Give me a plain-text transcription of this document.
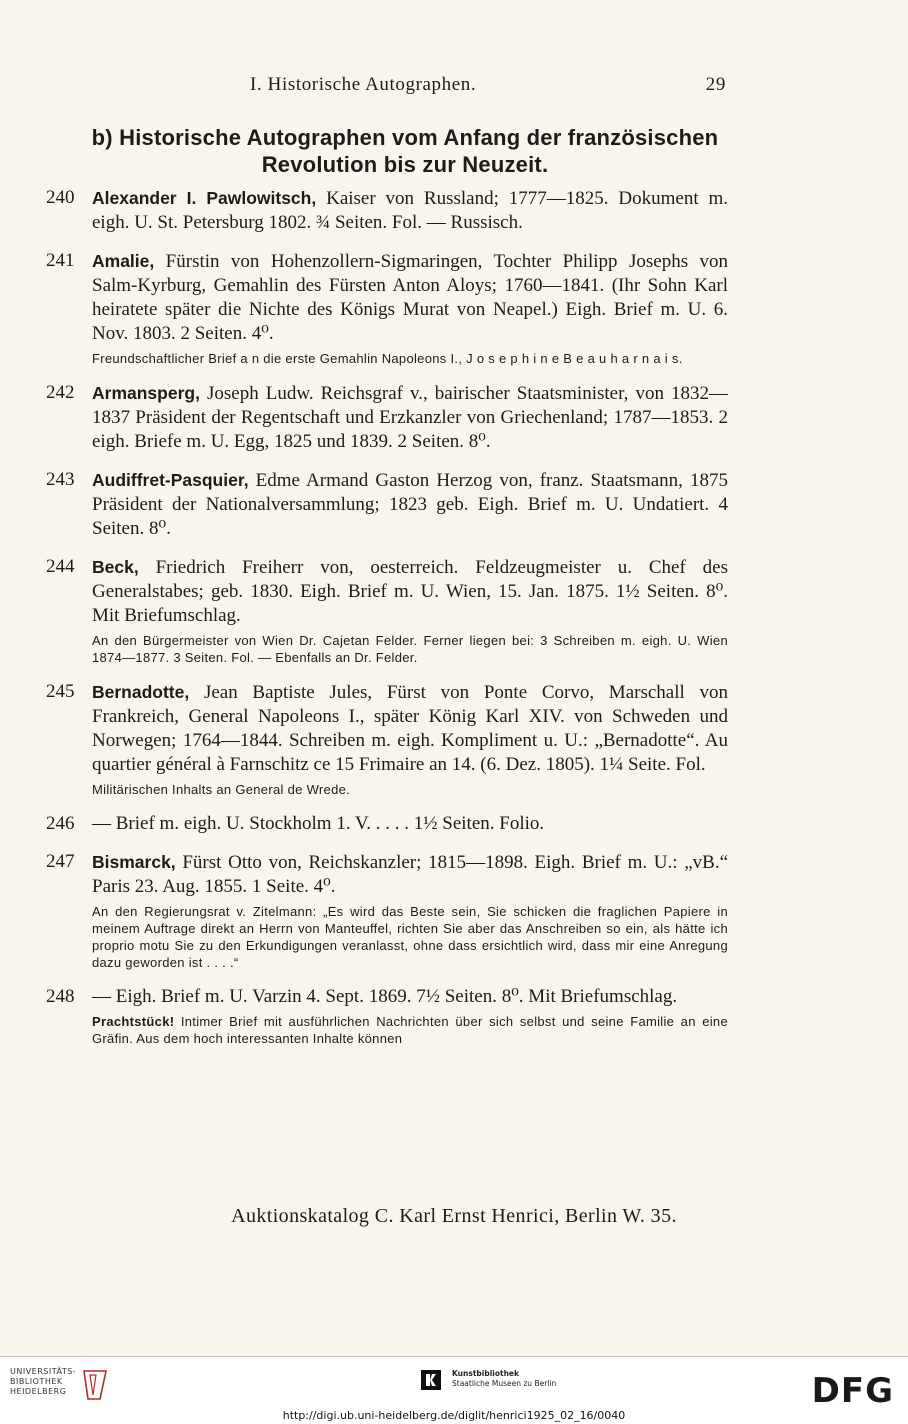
I. Historische Autographen.	29
b) Historische Autographen vom Anfang der französischen
Revolution bis zur Neuzeit.
240	Alexander I. Pawlowitsch, Kaiser von Russland; 1777—1825. Dokument m. eigh. U. St. Petersburg 1802. ¾ Seiten. Fol. — Russisch.
241	Amalie, Fürstin von Hohenzollern-Sigmaringen, Tochter Philipp Josephs von Salm-Kyrburg, Gemahlin des Fürsten Anton Aloys; 1760—1841. (Ihr Sohn Karl heiratete später die Nichte des Königs Murat von Neapel.) Eigh. Brief m. U. 6. Nov. 1803. 2 Seiten. 4⁰.
Freundschaftlicher Brief a n die erste Gemahlin Napoleons I., J o s e p h i n e B e a u h a r n a i s.
242	Armansperg, Joseph Ludw. Reichsgraf v., bairischer Staatsminister, von 1832—1837 Präsident der Regentschaft und Erzkanzler von Griechenland; 1787—1853. 2 eigh. Briefe m. U. Egg, 1825 und 1839. 2 Seiten. 8⁰.
243	Audiffret-Pasquier, Edme Armand Gaston Herzog von, franz. Staatsmann, 1875 Präsident der Nationalversammlung; 1823 geb. Eigh. Brief m. U. Undatiert. 4 Seiten. 8⁰.
244	Beck, Friedrich Freiherr von, oesterreich. Feldzeugmeister u. Chef des Generalstabes; geb. 1830. Eigh. Brief m. U. Wien, 15. Jan. 1875. 1½ Seiten. 8⁰. Mit Briefumschlag.
An den Bürgermeister von Wien Dr. Cajetan Felder. Ferner liegen bei: 3 Schreiben m. eigh. U. Wien 1874—1877. 3 Seiten. Fol. — Ebenfalls an Dr. Felder.
245	Bernadotte, Jean Baptiste Jules, Fürst von Ponte Corvo, Marschall von Frankreich, General Napoleons I., später König Karl XIV. von Schweden und Norwegen; 1764—1844. Schreiben m. eigh. Kompliment u. U.: „Bernadotte“. Au quartier général à Farnschitz ce 15 Frimaire an 14. (6. Dez. 1805). 1¼ Seite. Fol.
Militärischen Inhalts an General de Wrede.
246 — Brief m. eigh. U. Stockholm 1. V. . . . . 1½ Seiten. Folio.
247	Bismarck, Fürst Otto von, Reichskanzler; 1815—1898. Eigh. Brief m. U.: „vB.“ Paris 23. Aug. 1855. 1 Seite. 4⁰.
An den Regierungsrat v. Zitelmann: „Es wird das Beste sein, Sie schicken die fraglichen Papiere in meinem Auftrage direkt an Herrn von Manteuffel, richten Sie aber das Anschreiben so ein, als hätte ich proprio motu Sie zu den Erkundigungen veranlasst, ohne dass ersichtlich wird, dass mir eine Anregung dazu geworden ist . . . .“
248 — Eigh. Brief m. U. Varzin 4. Sept. 1869. 7½ Seiten. 8⁰. Mit Briefumschlag.
Prachtstück! Intimer Brief mit ausführlichen Nachrichten über sich selbst und seine Familie an eine Gräfin. Aus dem hoch interessanten Inhalte können
Auktionskatalog C. Karl Ernst Henrici, Berlin W. 35.
UNIVERSITÄTS-
BIBLIOTHEK
HEIDELBERG
Kunstbibliothek
Staatliche Museen zu Berlin	DFG
http://digi.ub.uni-heidelberg.de/diglit/henrici1925_02_16/0040
